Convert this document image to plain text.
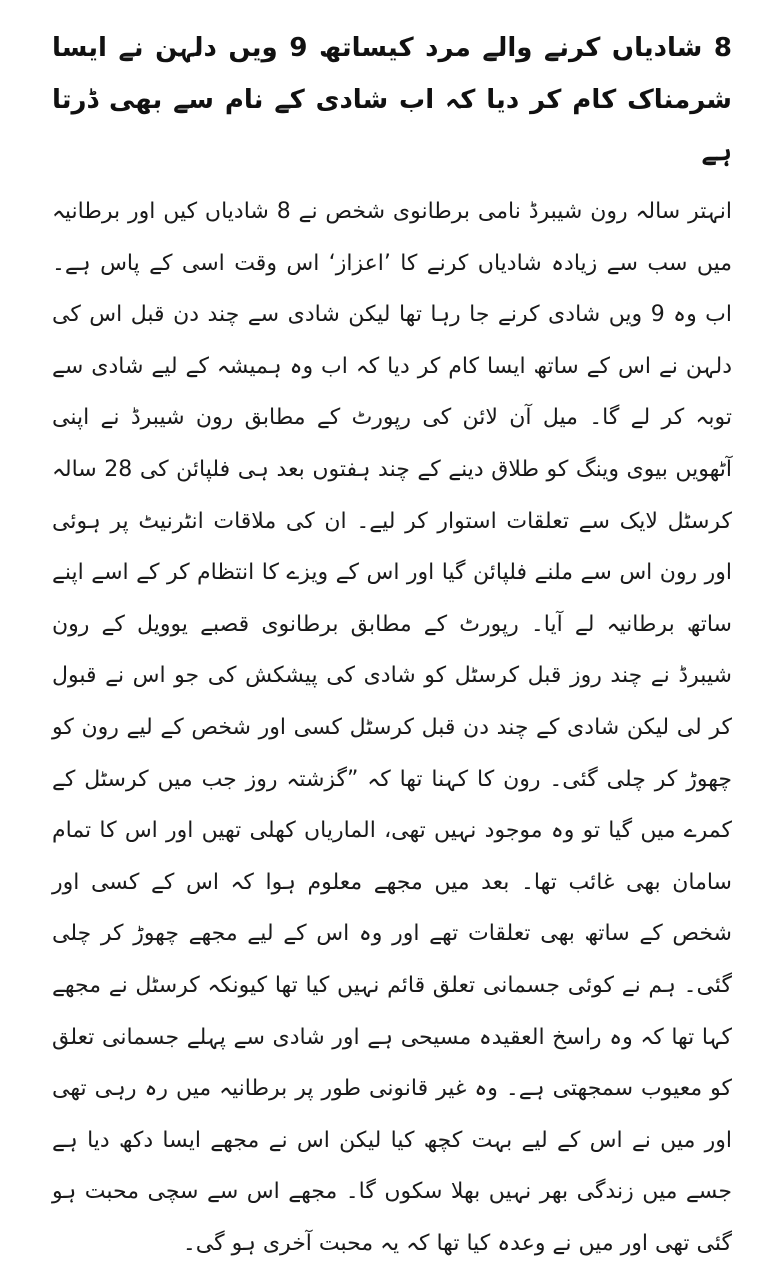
8 شادیاں کرنے والے مرد کیساتھ 9 ویں دلہن نے ایسا شرمناک کام کر دیا کہ اب شادی کے نام سے بھی ڈرتا ہے

انہتر سالہ رون شیبرڈ نامی برطانوی شخص نے 8 شادیاں کیں اور برطانیہ میں سب سے زیادہ شادیاں کرنے کا ’اعزاز‘ اس وقت اسی کے پاس ہے۔ اب وہ 9 ویں شادی کرنے جا رہا تھا لیکن شادی سے چند دن قبل اس کی دلہن نے اس کے ساتھ ایسا کام کر دیا کہ اب وہ ہمیشہ کے لیے شادی سے توبہ کر لے گا۔ میل آن لائن کی رپورٹ کے مطابق رون شیبرڈ نے اپنی آٹھویں بیوی وینگ کو طلاق دینے کے چند ہفتوں بعد ہی فلپائن کی 28 سالہ کرسٹل لایک سے تعلقات استوار کر لیے۔ ان کی ملاقات انٹرنیٹ پر ہوئی اور رون اس سے ملنے فلپائن گیا اور اس کے ویزے کا انتظام کر کے اسے اپنے ساتھ برطانیہ لے آیا۔ رپورٹ کے مطابق برطانوی قصبے یوویل کے رون شیبرڈ نے چند روز قبل کرسٹل کو شادی کی پیشکش کی جو اس نے قبول کر لی لیکن شادی کے چند دن قبل کرسٹل کسی اور شخص کے لیے رون کو چھوڑ کر چلی گئی۔ رون کا کہنا تھا کہ ”گزشتہ روز جب میں کرسٹل کے کمرے میں گیا تو وہ موجود نہیں تھی، الماریاں کھلی تھیں اور اس کا تمام سامان بھی غائب تھا۔ بعد میں مجھے معلوم ہوا کہ اس کے کسی اور شخص کے ساتھ بھی تعلقات تھے اور وہ اس کے لیے مجھے چھوڑ کر چلی گئی۔ ہم نے کوئی جسمانی تعلق قائم نہیں کیا تھا کیونکہ کرسٹل نے مجھے کہا تھا کہ وہ راسخ العقیدہ مسیحی ہے اور شادی سے پہلے جسمانی تعلق کو معیوب سمجھتی ہے۔ وہ غیر قانونی طور پر برطانیہ میں رہ رہی تھی اور میں نے اس کے لیے بہت کچھ کیا لیکن اس نے مجھے ایسا دکھ دیا ہے جسے میں زندگی بھر نہیں بھلا سکوں گا۔ مجھے اس سے سچی محبت ہو گئی تھی اور میں نے وعدہ کیا تھا کہ یہ محبت آخری ہو گی۔
